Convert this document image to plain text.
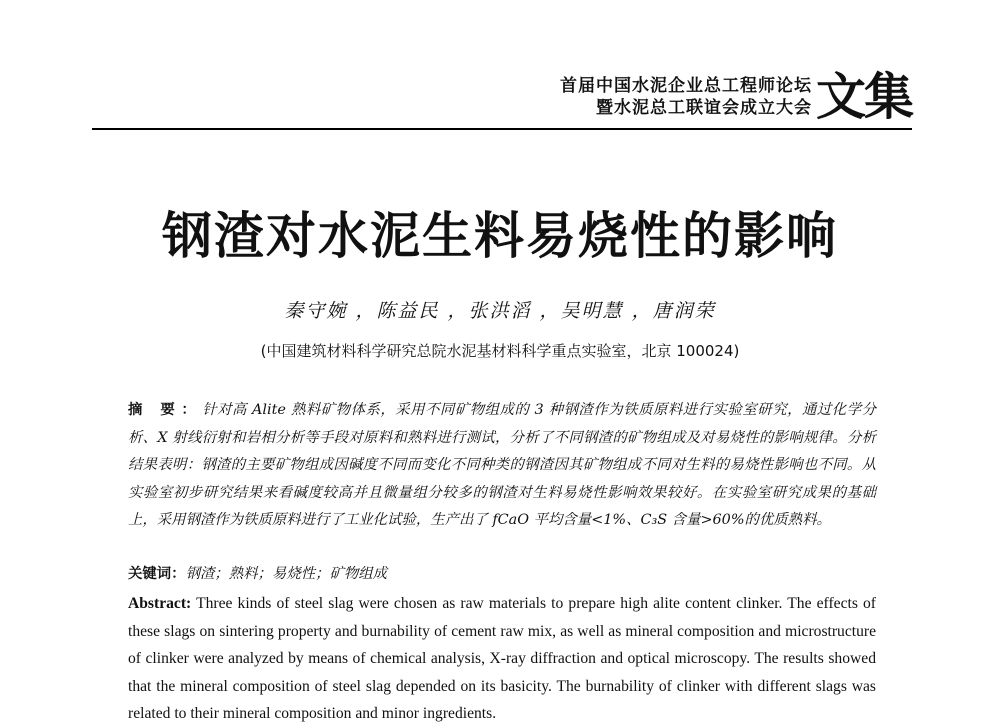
首届中国水泥企业总工程师论坛
暨水泥总工联谊会成立大会 文集
钢渣对水泥生料易烧性的影响
秦守婉 ，陈益民 ，张洪滔 ，吴明慧 ，唐润荣
(中国建筑材料科学研究总院水泥基材料科学重点实验室，北京 100024)
摘 要：针对高 Alite 熟料矿物体系，采用不同矿物组成的 3 种钢渣作为铁质原料进行实验室研究，通过化学分析、X 射线衍射和岩相分析等手段对原料和熟料进行测试，分析了不同钢渣的矿物组成及对易烧性的影响规律。分析结果表明：钢渣的主要矿物组成因碱度不同而变化不同种类的钢渣因其矿物组成不同对生料的易烧性影响也不同。从实验室初步研究结果来看碱度较高并且微量组分较多的钢渣对生料易烧性影响效果较好。在实验室研究成果的基础上，采用钢渣作为铁质原料进行了工业化试验，生产出了 fCaO 平均含量<1%、C₃S 含量>60%的优质熟料。
关键词：钢渣；熟料；易烧性；矿物组成
Abstract: Three kinds of steel slag were chosen as raw materials to prepare high alite content clinker. The effects of these slags on sintering property and burnability of cement raw mix, as well as mineral composition and microstructure of clinker were analyzed by means of chemical analysis, X-ray diffraction and optical microscopy. The results showed that the mineral composition of steel slag depended on its basicity. The burnability of clinker with different slags was related to their mineral composition and minor ingredients.
